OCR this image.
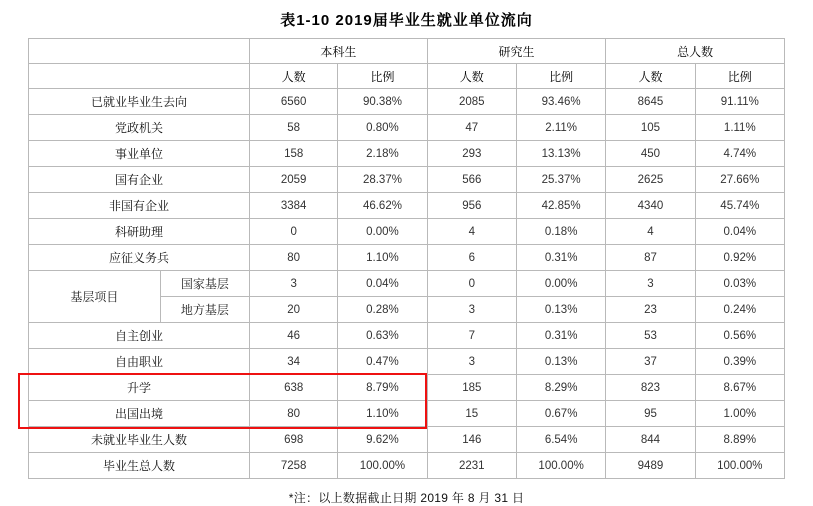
表1-10 2019届毕业生就业单位流向
		本科生		研究生		总人数	
		人数	比例	人数	比例	人数	比例
已就业毕业生去向		6560	90.38%	2085	93.46%	8645	91.11%
党政机关		58	0.80%	47	2.11%	105	1.11%
事业单位		158	2.18%	293	13.13%	450	4.74%
国有企业		2059	28.37%	566	25.37%	2625	27.66%
非国有企业		3384	46.62%	956	42.85%	4340	45.74%
科研助理		0	0.00%	4	0.18%	4	0.04%
应征义务兵		80	1.10%	6	0.31%	87	0.92%
基层项目	国家基层	3	0.04%	0	0.00%	3	0.03%
	地方基层	20	0.28%	3	0.13%	23	0.24%
自主创业		46	0.63%	7	0.31%	53	0.56%
自由职业		34	0.47%	3	0.13%	37	0.39%
升学		638	8.79%	185	8.29%	823	8.67%
出国出境		80	1.10%	15	0.67%	95	1.00%
未就业毕业生人数		698	9.62%	146	6.54%	844	8.89%
毕业生总人数		7258	100.00%	2231	100.00%	9489	100.00%
*注：以上数据截止日期 2019 年 8 月 31 日
